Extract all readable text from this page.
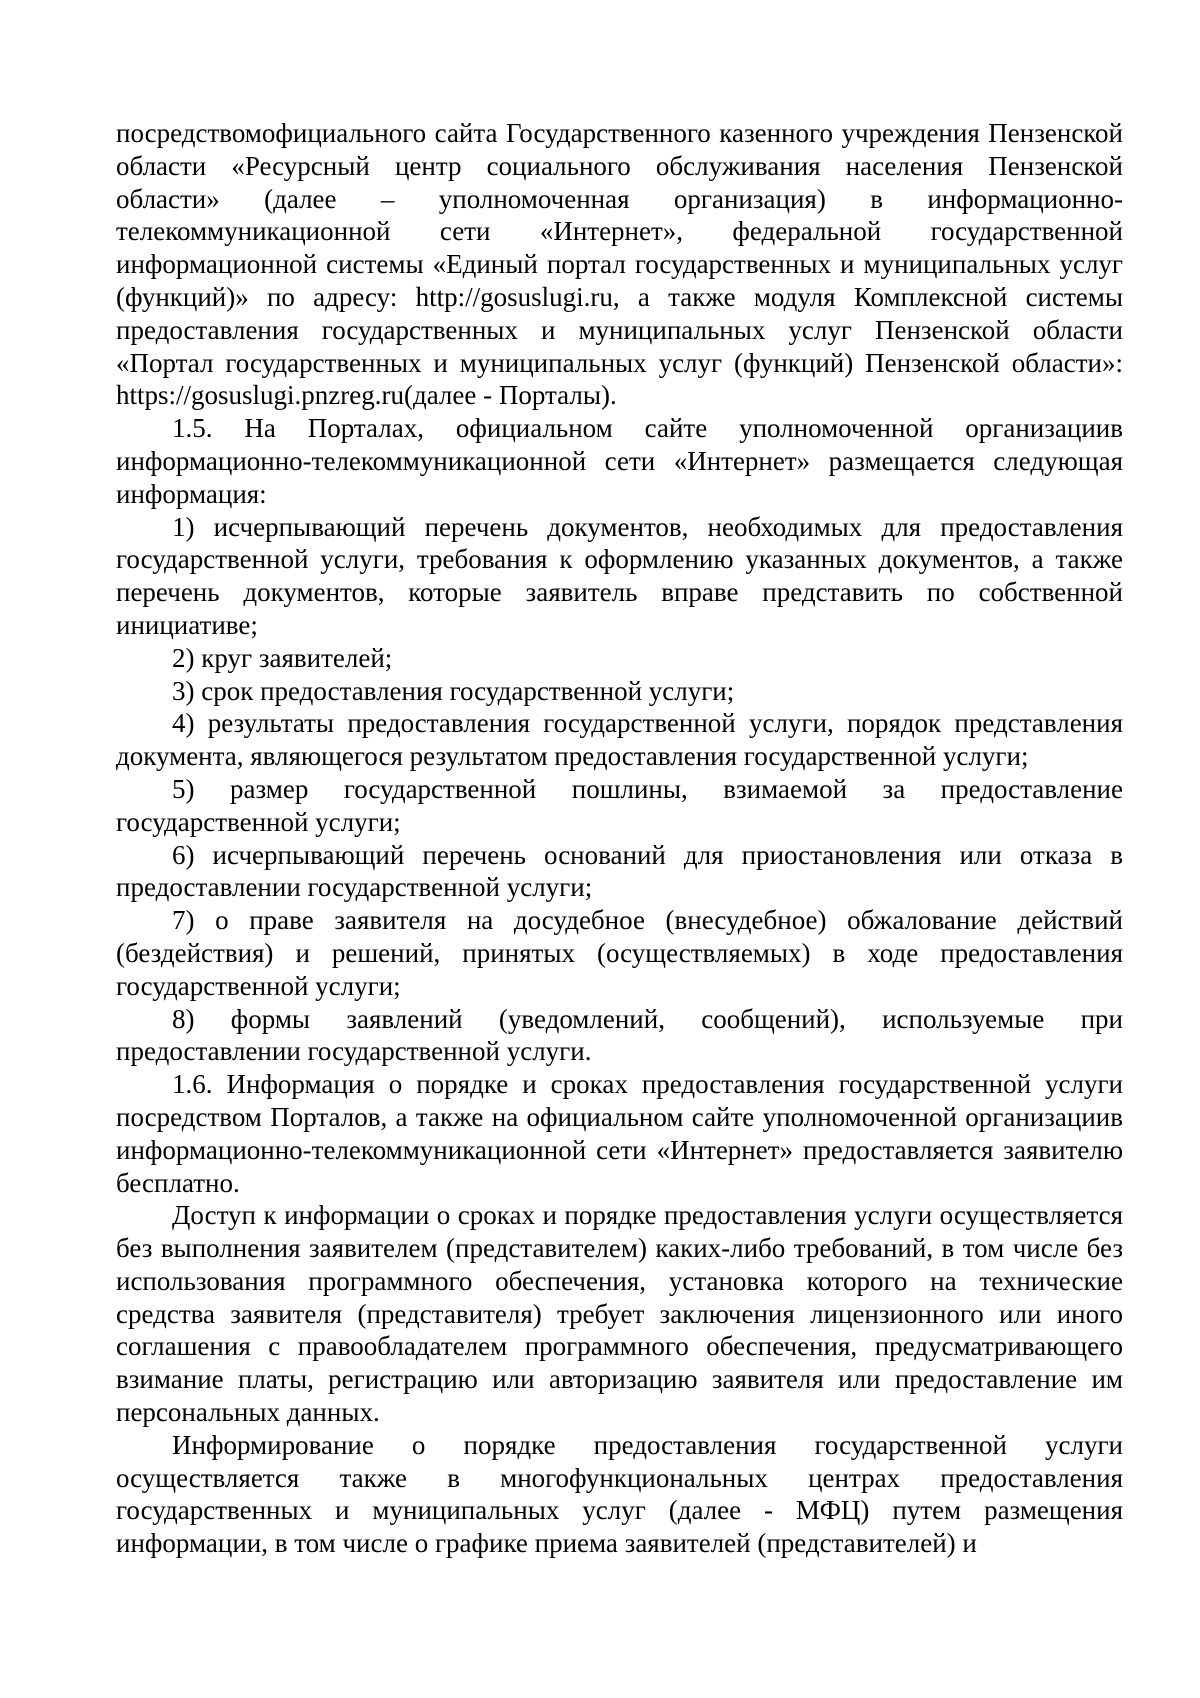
посредствомофициального сайта Государственного казенного учреждения Пензенской области «Ресурсный центр социального обслуживания населения Пензенской области» (далее – уполномоченная организация) в информационно-телекоммуникационной сети «Интернет», федеральной государственной информационной системы «Единый портал государственных и муниципальных услуг (функций)» по адресу: http://gosuslugi.ru, а также модуля Комплексной системы предоставления государственных и муниципальных услуг Пензенской области «Портал государственных и муниципальных услуг (функций) Пензенской области»: https://gosuslugi.pnzreg.ru(далее - Порталы).

1.5. На Порталах, официальном сайте уполномоченной организациив информационно-телекоммуникационной сети «Интернет» размещается следующая информация:

1) исчерпывающий перечень документов, необходимых для предоставления государственной услуги, требования к оформлению указанных документов, а также перечень документов, которые заявитель вправе представить по собственной инициативе;

2) круг заявителей;

3) срок предоставления государственной услуги;

4) результаты предоставления государственной услуги, порядок представления документа, являющегося результатом предоставления государственной услуги;

5) размер государственной пошлины, взимаемой за предоставление государственной услуги;

6) исчерпывающий перечень оснований для приостановления или отказа в предоставлении государственной услуги;

7) о праве заявителя на досудебное (внесудебное) обжалование действий (бездействия) и решений, принятых (осуществляемых) в ходе предоставления государственной услуги;

8) формы заявлений (уведомлений, сообщений), используемые при предоставлении государственной услуги.

1.6. Информация о порядке и сроках предоставления государственной услуги посредством Порталов, а также на официальном сайте уполномоченной организациив информационно-телекоммуникационной сети «Интернет» предоставляется заявителю бесплатно.

Доступ к информации о сроках и порядке предоставления услуги осуществляется без выполнения заявителем (представителем) каких-либо требований, в том числе без использования программного обеспечения, установка которого на технические средства заявителя (представителя) требует заключения лицензионного или иного соглашения с правообладателем программного обеспечения, предусматривающего взимание платы, регистрацию или авторизацию заявителя или предоставление им персональных данных.

Информирование о порядке предоставления государственной услуги осуществляется также в многофункциональных центрах предоставления государственных и муниципальных услуг (далее - МФЦ) путем размещения информации, в том числе о графике приема заявителей (представителей) и
